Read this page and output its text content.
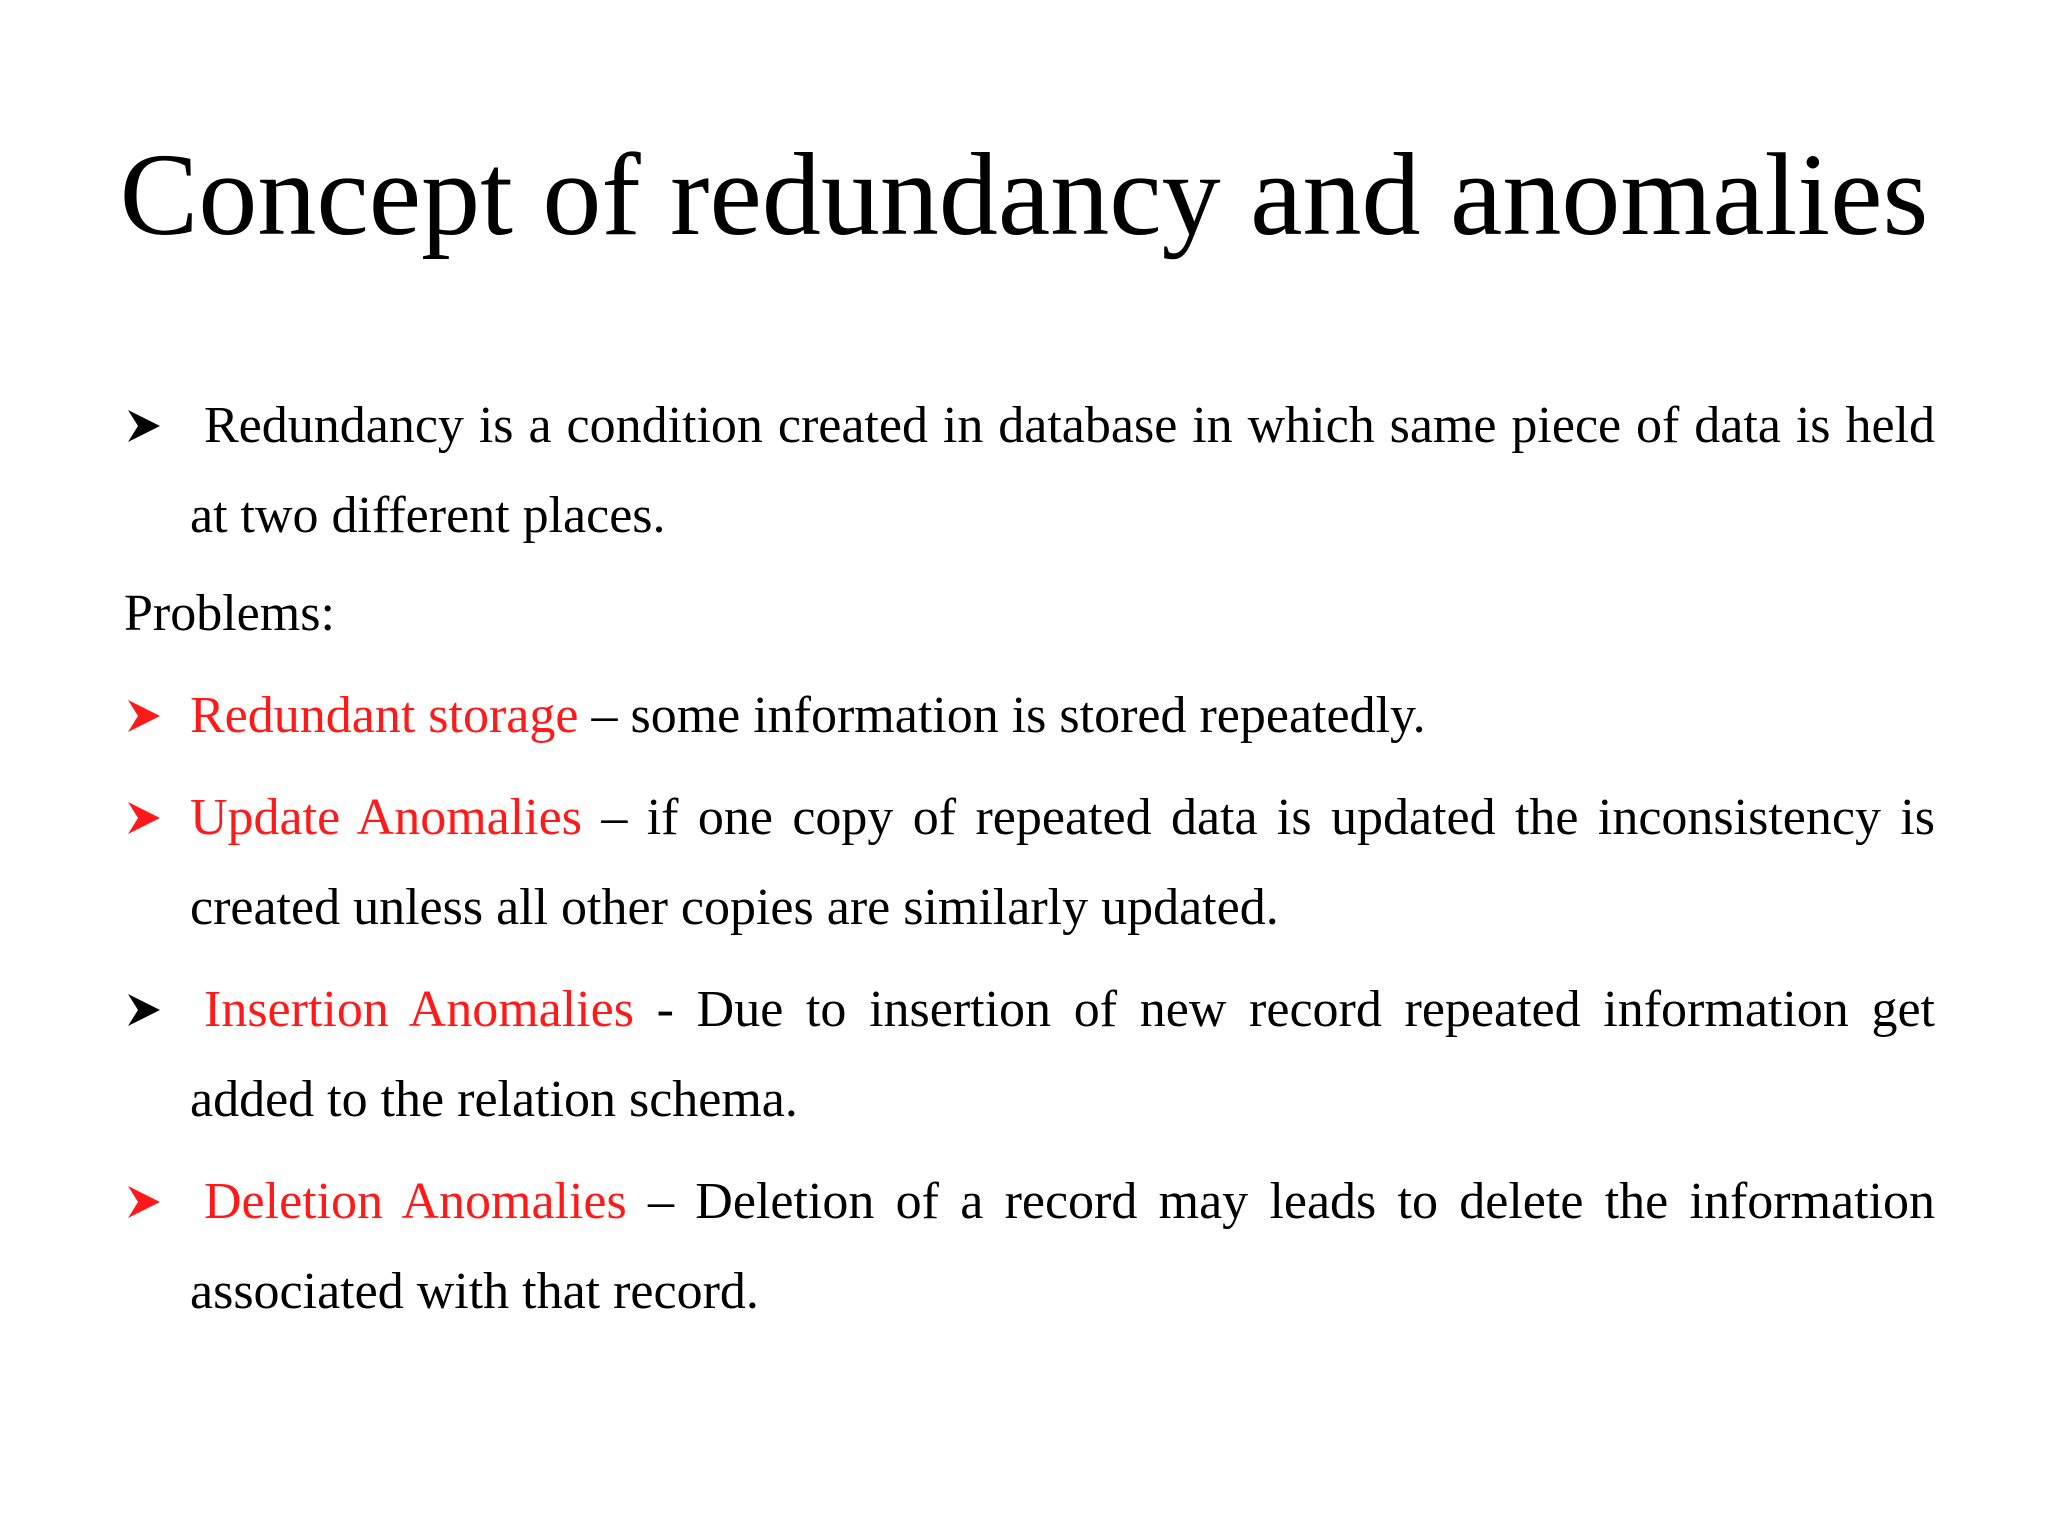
Concept of redundancy and anomalies

Redundancy is a condition created in database in which same piece of data is held at two different places.

Problems:

Redundant storage – some information is stored repeatedly.

Update Anomalies – if one copy of repeated data is updated the inconsistency is created unless all other copies are similarly updated.

Insertion Anomalies - Due to insertion of new record repeated information get added to the relation schema.

Deletion Anomalies – Deletion of a record may leads to delete the information associated with that record.
